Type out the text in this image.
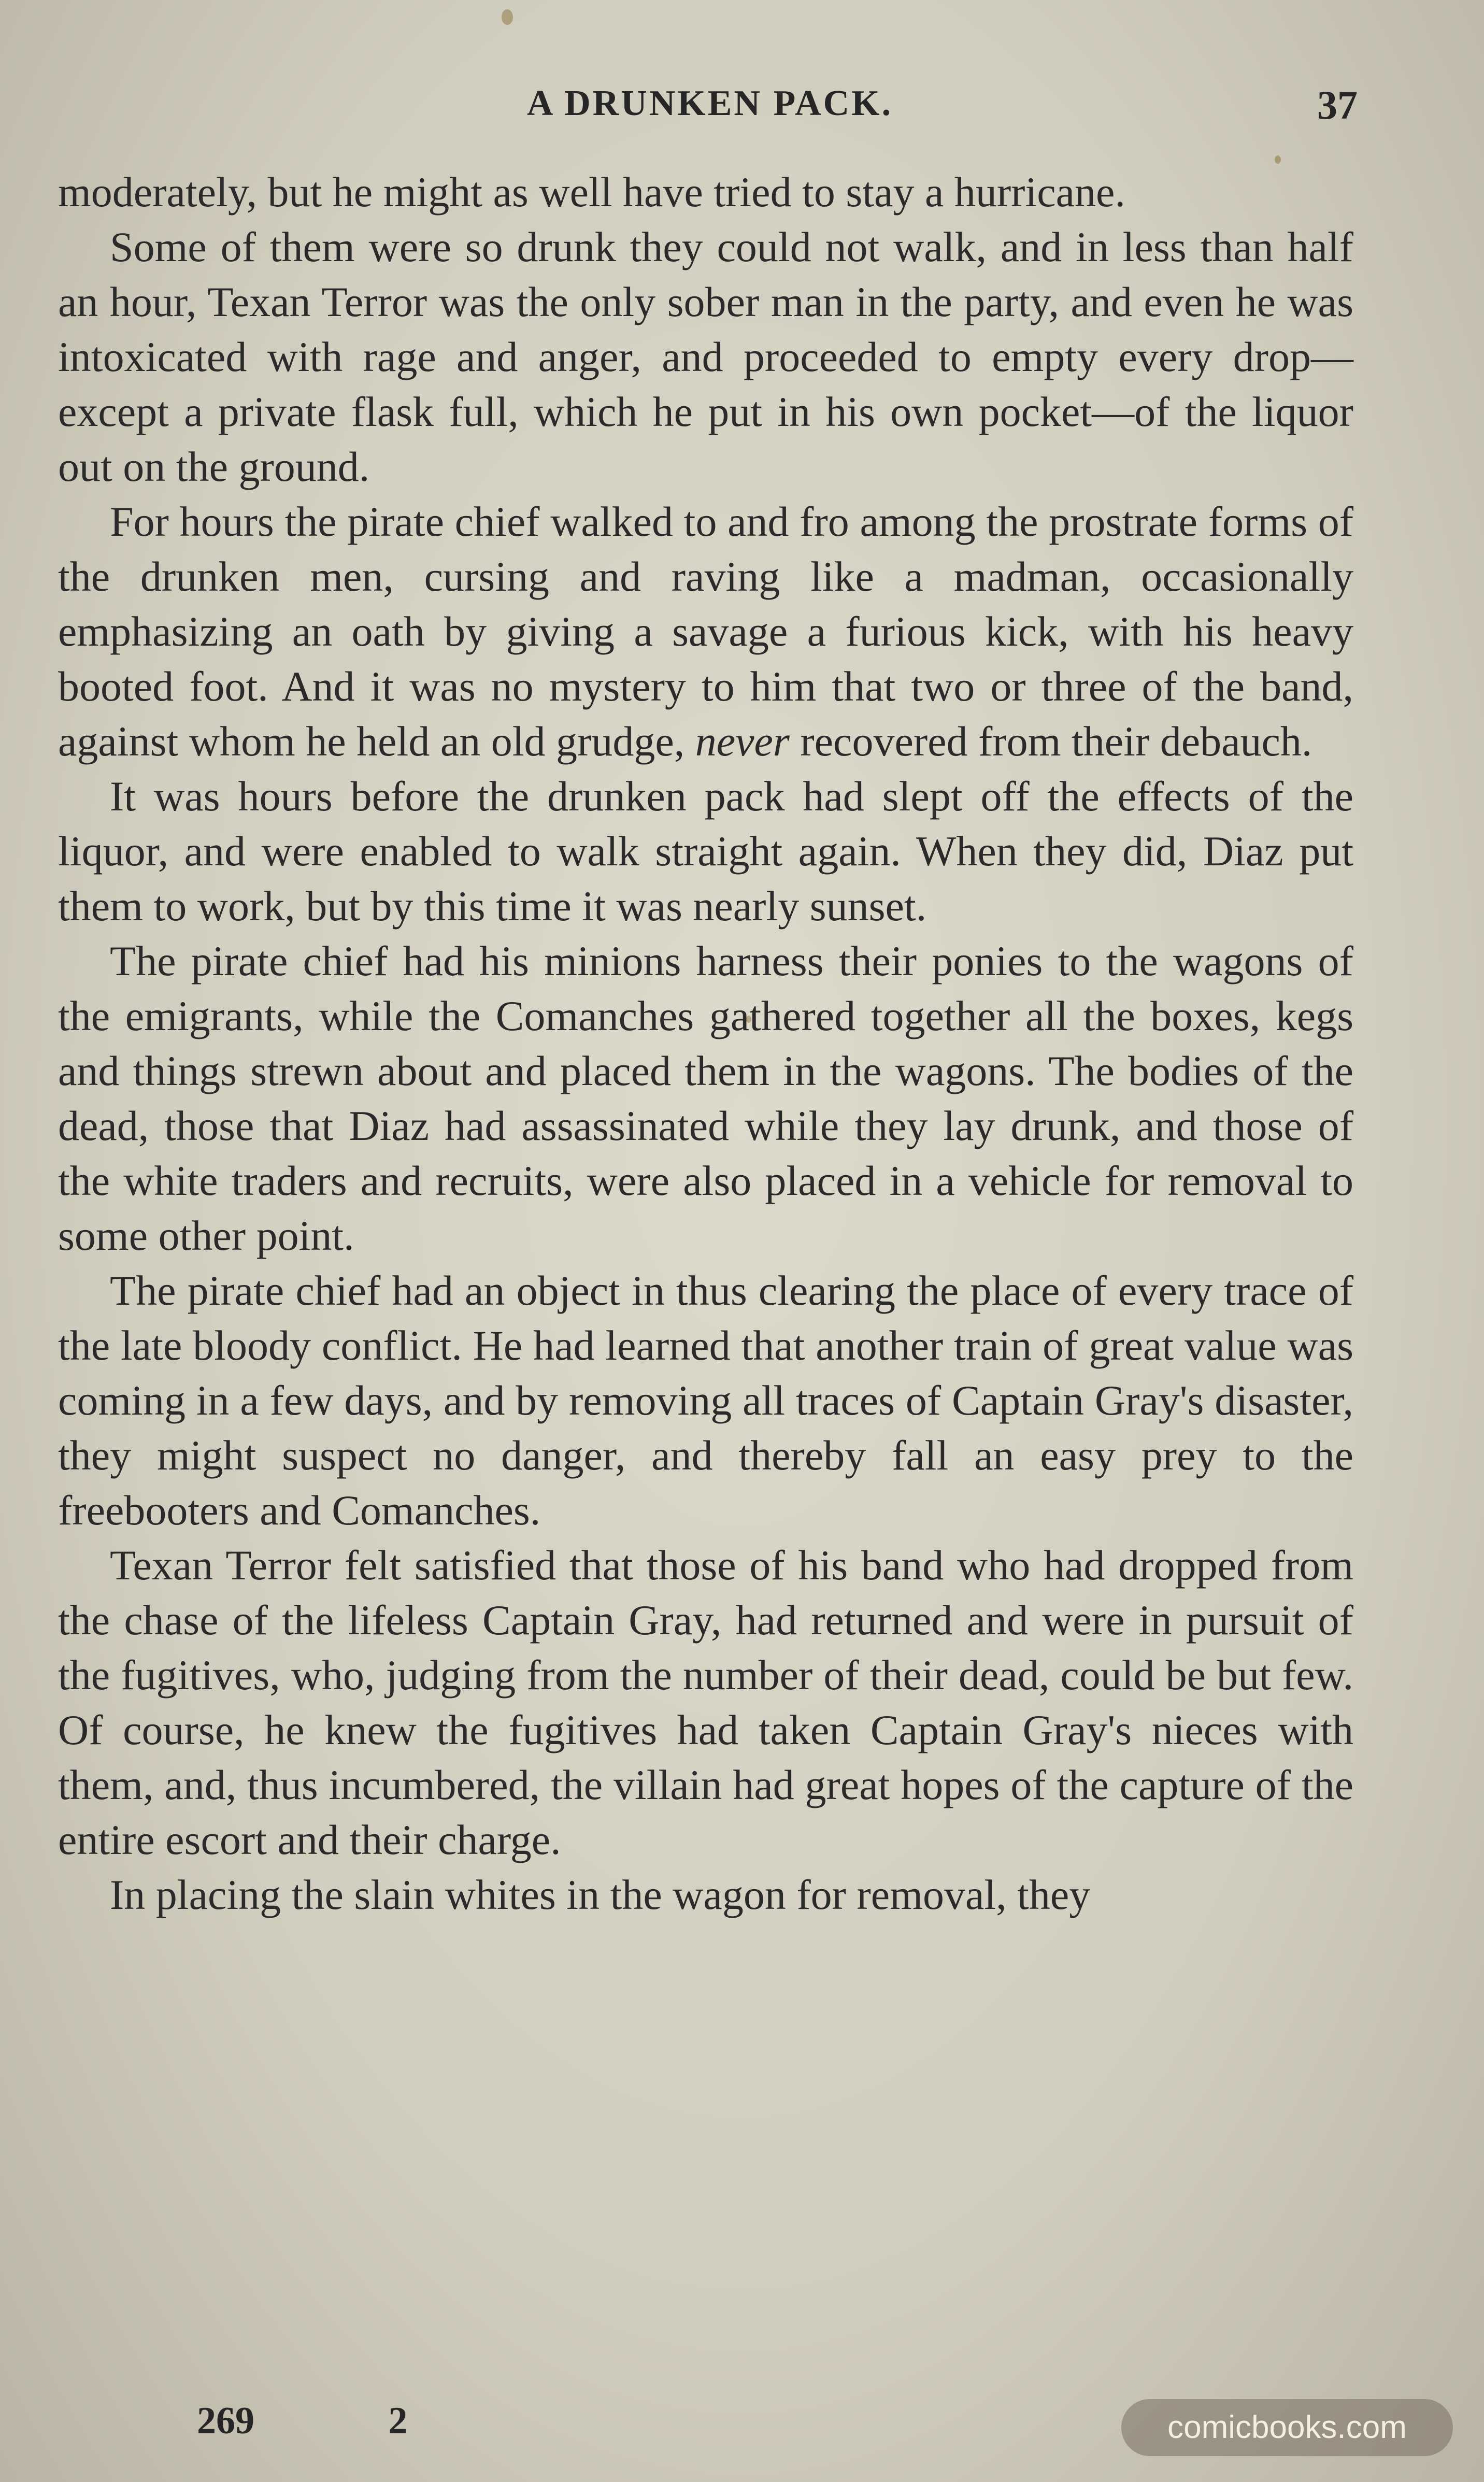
A DRUNKEN PACK.	37

moderately, but he might as well have tried to stay a hurricane.

Some of them were so drunk they could not walk, and in less than half an hour, Texan Terror was the only sober man in the party, and even he was intoxicated with rage and anger, and proceeded to empty every drop—except a private flask full, which he put in his own pocket—of the liquor out on the ground.

For hours the pirate chief walked to and fro among the prostrate forms of the drunken men, cursing and raving like a madman, occasionally emphasizing an oath by giving a savage a furious kick, with his heavy booted foot. And it was no mystery to him that two or three of the band, against whom he held an old grudge, never recovered from their debauch.

It was hours before the drunken pack had slept off the effects of the liquor, and were enabled to walk straight again. When they did, Diaz put them to work, but by this time it was nearly sunset.

The pirate chief had his minions harness their ponies to the wagons of the emigrants, while the Comanches gathered together all the boxes, kegs and things strewn about and placed them in the wagons. The bodies of the dead, those that Diaz had assassinated while they lay drunk, and those of the white traders and recruits, were also placed in a vehicle for removal to some other point.

The pirate chief had an object in thus clearing the place of every trace of the late bloody conflict. He had learned that another train of great value was coming in a few days, and by removing all traces of Captain Gray's disaster, they might suspect no danger, and thereby fall an easy prey to the freebooters and Comanches.

Texan Terror felt satisfied that those of his band who had dropped from the chase of the lifeless Captain Gray, had returned and were in pursuit of the fugitives, who, judging from the number of their dead, could be but few. Of course, he knew the fugitives had taken Captain Gray's nieces with them, and, thus incumbered, the villain had great hopes of the capture of the entire escort and their charge.

In placing the slain whites in the wagon for removal, they

269	2	comicbooks.com
